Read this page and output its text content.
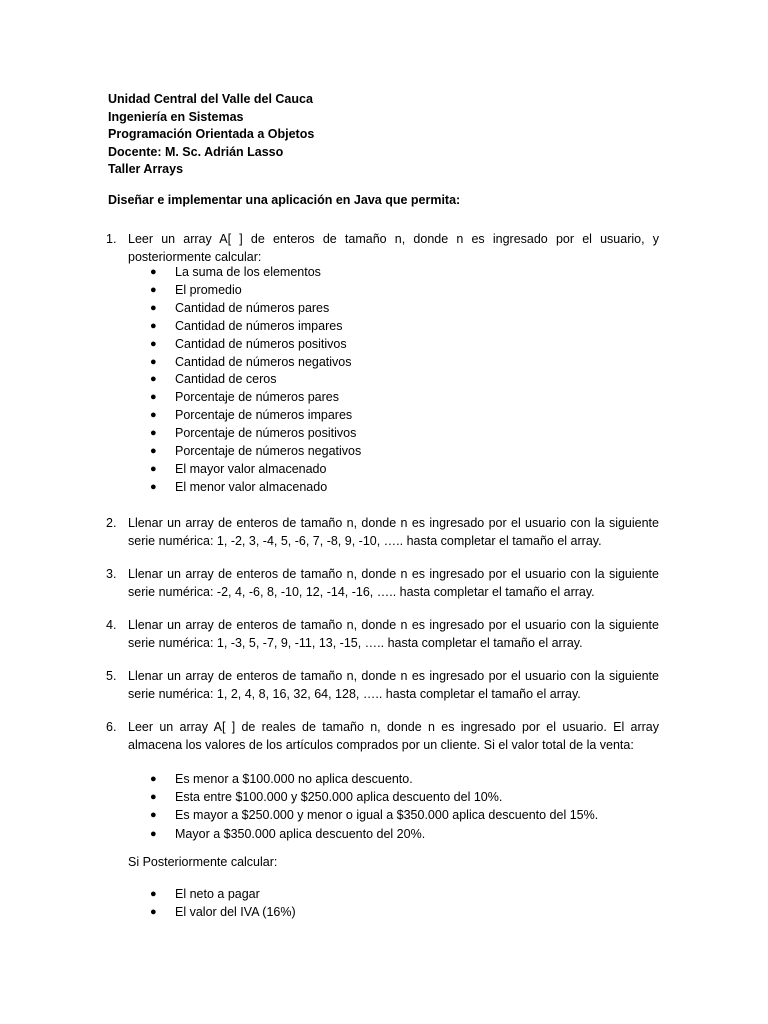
Unidad Central del Valle del Cauca
Ingeniería en Sistemas
Programación Orientada a Objetos
Docente: M. Sc. Adrián Lasso
Taller Arrays
Diseñar e implementar una aplicación en Java que permita:
1. Leer un array A[ ] de enteros de tamaño n, donde n es ingresado por el usuario, y posteriormente calcular:
● La suma de los elementos
● El promedio
● Cantidad de números pares
● Cantidad de números impares
● Cantidad de números positivos
● Cantidad de números negativos
● Cantidad de ceros
● Porcentaje de números pares
● Porcentaje de números impares
● Porcentaje de números positivos
● Porcentaje de números negativos
● El mayor valor almacenado
● El menor valor almacenado
2. Llenar un array de enteros de tamaño n, donde n es ingresado por el usuario con la siguiente serie numérica: 1, -2, 3, -4, 5, -6, 7, -8, 9, -10, ….. hasta completar el tamaño el array.
3. Llenar un array de enteros de tamaño n, donde n es ingresado por el usuario con la siguiente serie numérica: -2, 4, -6, 8, -10, 12, -14, -16, ….. hasta completar el tamaño el array.
4. Llenar un array de enteros de tamaño n, donde n es ingresado por el usuario con la siguiente serie numérica: 1, -3, 5, -7, 9, -11, 13, -15, ….. hasta completar el tamaño el array.
5. Llenar un array de enteros de tamaño n, donde n es ingresado por el usuario con la siguiente serie numérica: 1, 2, 4, 8, 16, 32, 64, 128, ….. hasta completar el tamaño el array.
6. Leer un array A[ ] de reales de tamaño n, donde n es ingresado por el usuario. El array almacena los valores de los artículos comprados por un cliente. Si el valor total de la venta:
● Es menor a $100.000 no aplica descuento.
● Esta entre $100.000 y $250.000 aplica descuento del 10%.
● Es mayor a $250.000 y menor o igual a $350.000 aplica descuento del 15%.
● Mayor a $350.000 aplica descuento del 20%.
Si Posteriormente calcular:
● El neto a pagar
● El valor del IVA (16%)
